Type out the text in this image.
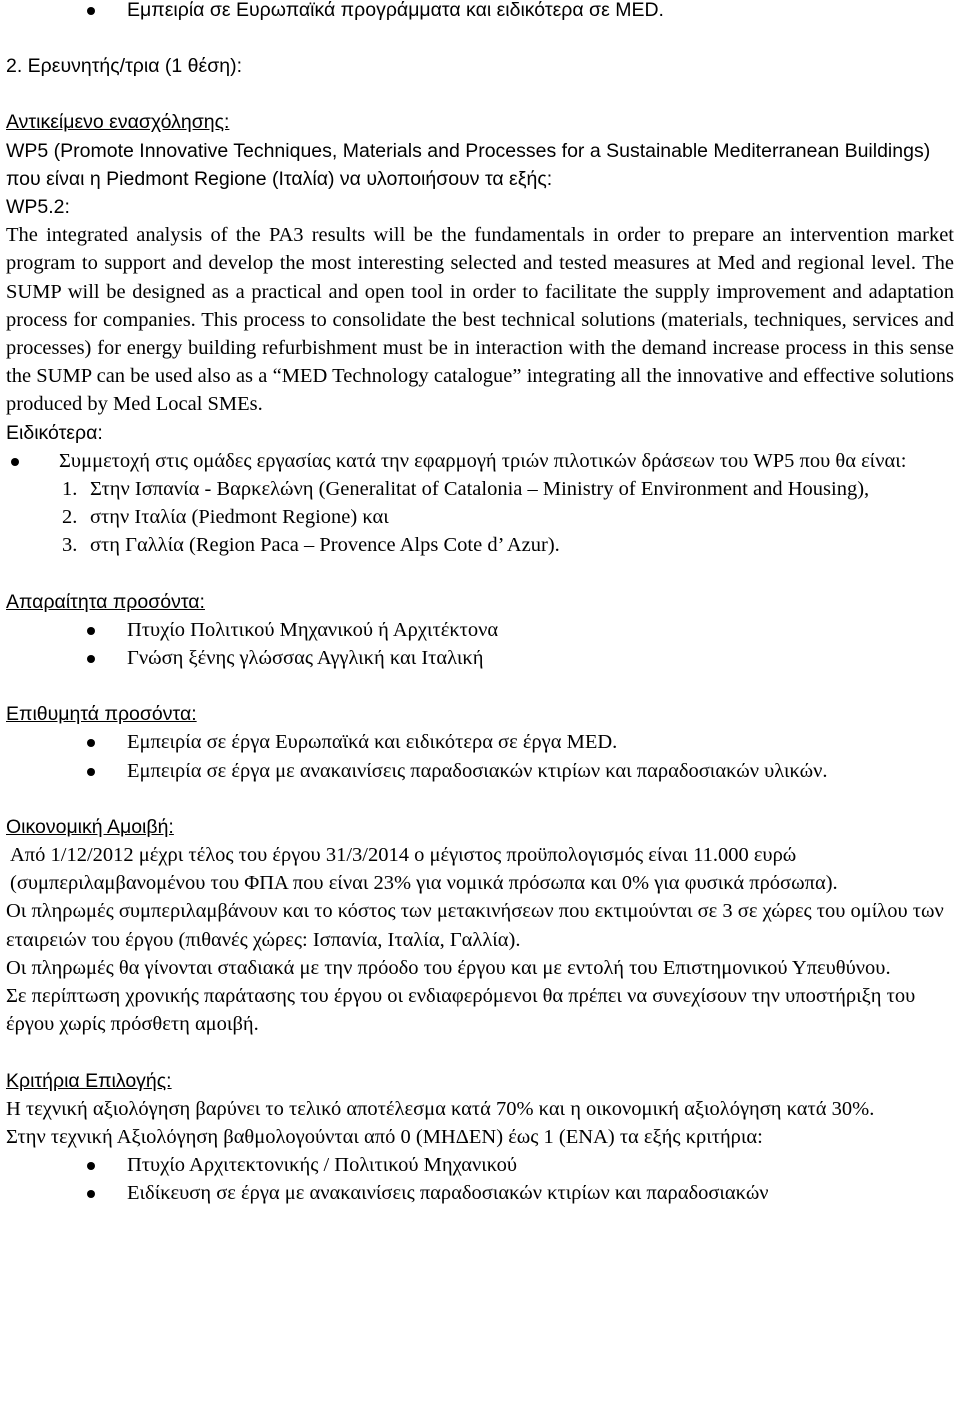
Εμπειρία σε Ευρωπαϊκά προγράμματα και ειδικότερα σε MED.

2. Ερευνητής/τρια (1 θέση):

Αντικείμενο ενασχόλησης:

WP5 (Promote Innovative Techniques, Materials and Processes for a Sustainable Mediterranean Buildings) που είναι η Piedmont Regione (Ιταλία) να υλοποιήσουν τα εξής:

WP5.2:

The integrated analysis of the PA3 results will be the fundamentals in order to prepare an intervention market program to support and develop the most interesting selected and tested measures at Med and regional level. The SUMP will be designed as a practical and open tool in order to facilitate the supply improvement and adaptation process for companies. This process to consolidate the best technical solutions (materials, techniques, services and processes) for energy building refurbishment must be in interaction with the demand increase process in this sense the SUMP can be used also as a “MED Technology catalogue” integrating all the innovative and effective solutions produced by Med Local SMEs.

Ειδικότερα:

Συμμετοχή στις ομάδες εργασίας κατά την εφαρμογή τριών πιλοτικών δράσεων του WP5 που θα είναι:
1. Στην Ισπανία - Βαρκελώνη (Generalitat of Catalonia – Ministry of Environment and Housing),
2. στην Ιταλία (Piedmont Regione) και
3. στη Γαλλία (Region Paca – Provence Alps Cote d’ Azur).

Απαραίτητα προσόντα:

Πτυχίο Πολιτικού Μηχανικού ή Αρχιτέκτονα
Γνώση ξένης γλώσσας Αγγλική και Ιταλική

Επιθυμητά προσόντα:

Εμπειρία σε έργα Ευρωπαϊκά και ειδικότερα σε έργα MED.
Εμπειρία σε έργα με ανακαινίσεις παραδοσιακών κτιρίων και παραδοσιακών υλικών.

Οικονομική Αμοιβή:

Από 1/12/2012 μέχρι τέλος του έργου 31/3/2014 ο μέγιστος προϋπολογισμός είναι 11.000 ευρώ (συμπεριλαμβανομένου του ΦΠΑ που είναι 23% για νομικά πρόσωπα και 0% για φυσικά πρόσωπα).

Οι πληρωμές συμπεριλαμβάνουν και το κόστος των μετακινήσεων που εκτιμούνται σε 3 σε χώρες του ομίλου των εταιρειών του έργου (πιθανές χώρες: Ισπανία, Ιταλία, Γαλλία).

Οι πληρωμές θα γίνονται σταδιακά με την πρόοδο του έργου και με εντολή του Επιστημονικού Υπευθύνου.

Σε περίπτωση χρονικής παράτασης του έργου οι ενδιαφερόμενοι θα πρέπει να συνεχίσουν την υποστήριξη του έργου χωρίς πρόσθετη αμοιβή.

Κριτήρια Επιλογής:

Η τεχνική αξιολόγηση βαρύνει το τελικό αποτέλεσμα κατά 70% και η οικονομική αξιολόγηση κατά 30%.

Στην τεχνική Αξιολόγηση βαθμολογούνται από 0 (ΜΗΔΕΝ) έως 1 (ΕΝΑ) τα εξής κριτήρια:

Πτυχίο Αρχιτεκτονικής / Πολιτικού Μηχανικού
Ειδίκευση σε έργα με ανακαινίσεις παραδοσιακών κτιρίων και παραδοσιακών
